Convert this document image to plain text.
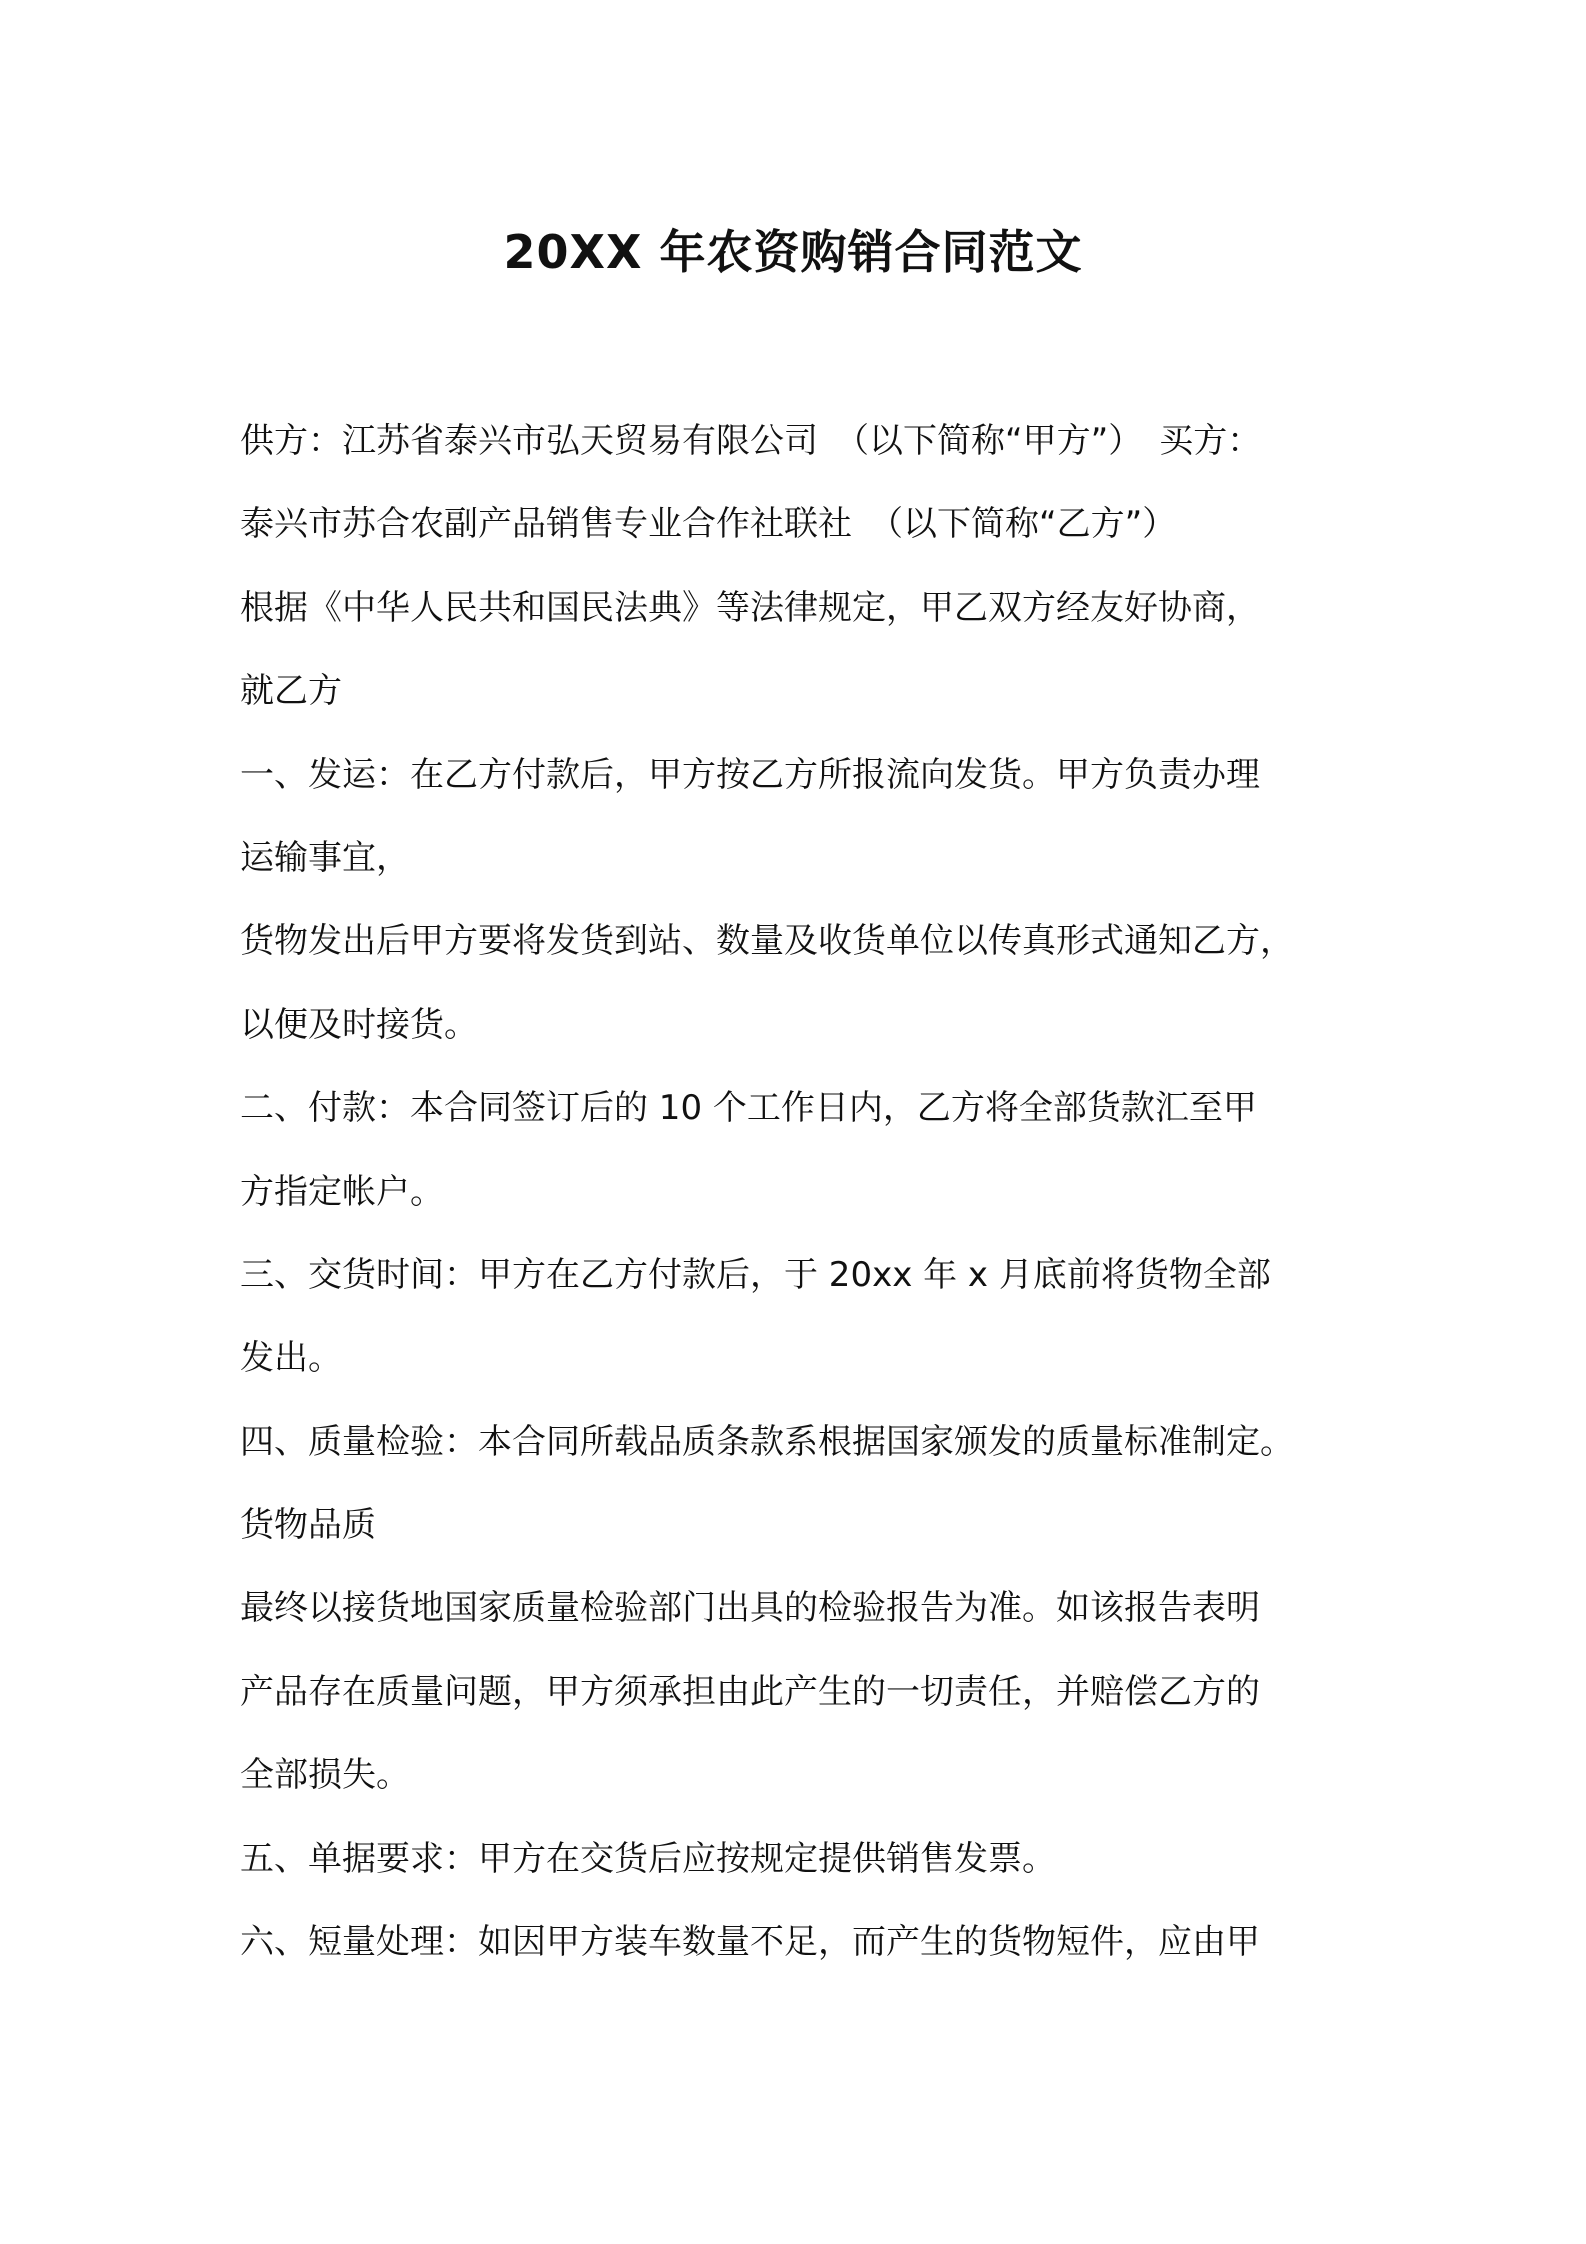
20XX 年农资购销合同范文

供方：江苏省泰兴市弘天贸易有限公司　（以下简称“甲方”）　买方：

泰兴市苏合农副产品销售专业合作社联社　（以下简称“乙方”）

根据《中华人民共和国民法典》等法律规定，甲乙双方经友好协商，

就乙方

一、发运：在乙方付款后，甲方按乙方所报流向发货。甲方负责办理

运输事宜，

货物发出后甲方要将发货到站、数量及收货单位以传真形式通知乙方，

以便及时接货。

二、付款：本合同签订后的 10 个工作日内，乙方将全部货款汇至甲

方指定帐户。

三、交货时间：甲方在乙方付款后，于 20xx 年 x 月底前将货物全部

发出。

四、质量检验：本合同所载品质条款系根据国家颁发的质量标准制定。

货物品质

最终以接货地国家质量检验部门出具的检验报告为准。如该报告表明

产品存在质量问题，甲方须承担由此产生的一切责任，并赔偿乙方的

全部损失。

五、单据要求：甲方在交货后应按规定提供销售发票。

六、短量处理：如因甲方装车数量不足，而产生的货物短件，应由甲
